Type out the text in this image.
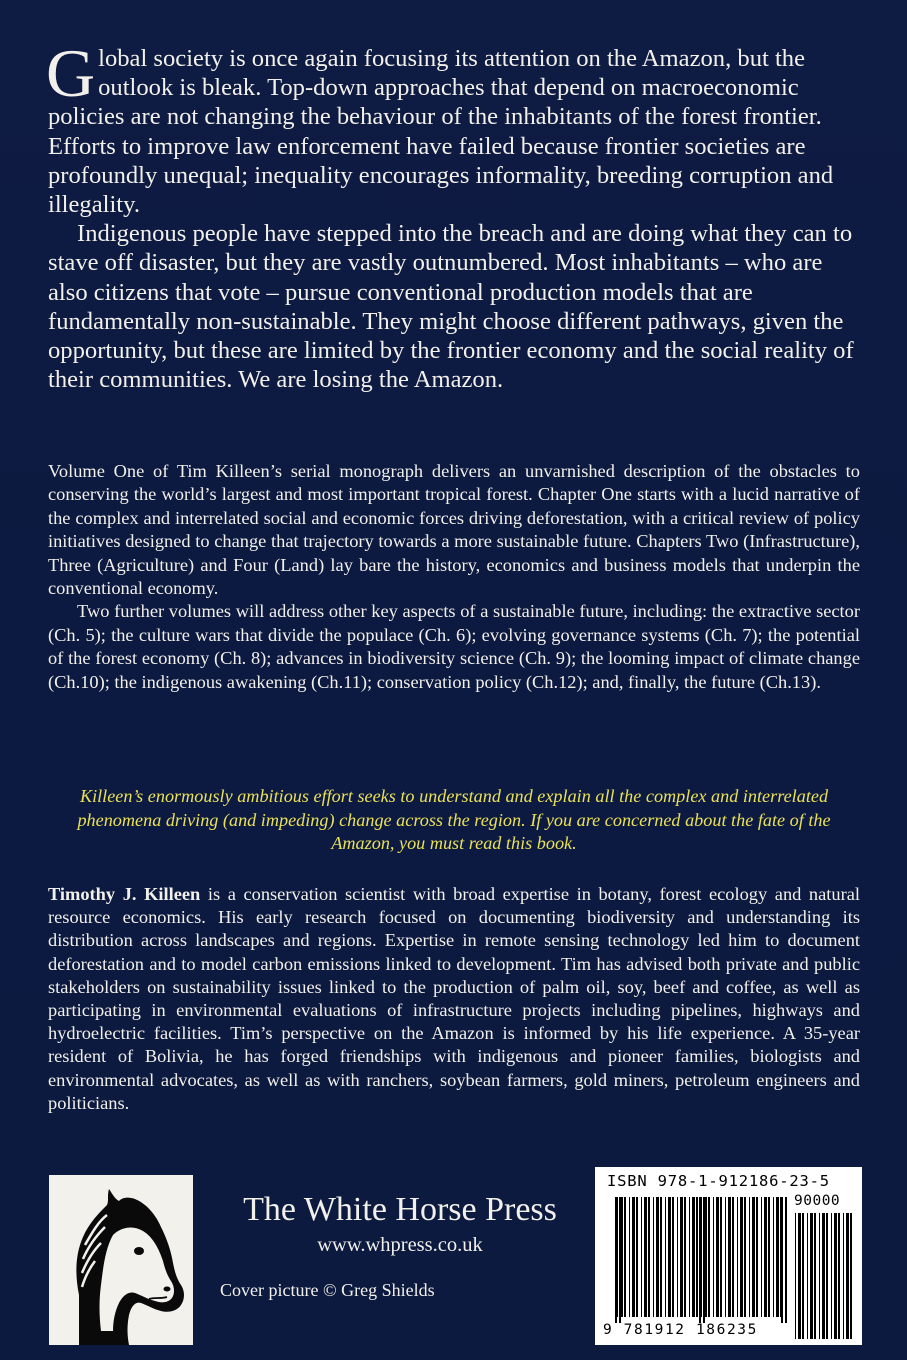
Global society is once again focusing its attention on the Amazon, but the outlook is bleak. Top-down approaches that depend on macroeconomic policies are not changing the behaviour of the inhabitants of the forest frontier. Efforts to improve law enforcement have failed because frontier societies are profoundly unequal; inequality encourages informality, breeding corruption and illegality.

Indigenous people have stepped into the breach and are doing what they can to stave off disaster, but they are vastly outnumbered. Most inhabitants – who are also citizens that vote – pursue conventional production models that are fundamentally non-sustainable. They might choose different pathways, given the opportunity, but these are limited by the frontier economy and the social reality of their communities. We are losing the Amazon.

Volume One of Tim Killeen’s serial monograph delivers an unvarnished description of the obstacles to conserving the world’s largest and most important tropical forest. Chapter One starts with a lucid narrative of the complex and interrelated social and economic forces driving deforestation, with a critical review of policy initiatives designed to change that trajectory towards a more sustainable future. Chapters Two (Infrastructure), Three (Agriculture) and Four (Land) lay bare the history, economics and business models that underpin the conventional economy.

Two further volumes will address other key aspects of a sustainable future, including: the extractive sector (Ch. 5); the culture wars that divide the populace (Ch. 6); evolving governance systems (Ch. 7); the potential of the forest economy (Ch. 8); advances in biodiversity science (Ch. 9); the looming impact of climate change (Ch.10); the indigenous awakening (Ch.11); conservation policy (Ch.12); and, finally, the future (Ch.13).

Killeen’s enormously ambitious effort seeks to understand and explain all the complex and interrelated phenomena driving (and impeding) change across the region. If you are concerned about the fate of the Amazon, you must read this book.
Timothy J. Killeen is a conservation scientist with broad expertise in botany, forest ecology and natural resource economics. His early research focused on documenting biodiversity and understanding its distribution across landscapes and regions. Expertise in remote sensing technology led him to document deforestation and to model carbon emissions linked to development. Tim has advised both private and public stakeholders on sustainability issues linked to the production of palm oil, soy, beef and coffee, as well as participating in environmental evaluations of infrastructure projects including pipelines, highways and hydroelectric facilities. Tim’s perspective on the Amazon is informed by his life experience. A 35-year resident of Bolivia, he has forged friendships with indigenous and pioneer families, biologists and environmental advocates, as well as with ranchers, soybean farmers, gold miners, petroleum engineers and politicians.
The White Horse Press
www.whpress.co.uk
Cover picture © Greg Shields
ISBN 978-1-912186-23-5
90000
9 781912 186235
